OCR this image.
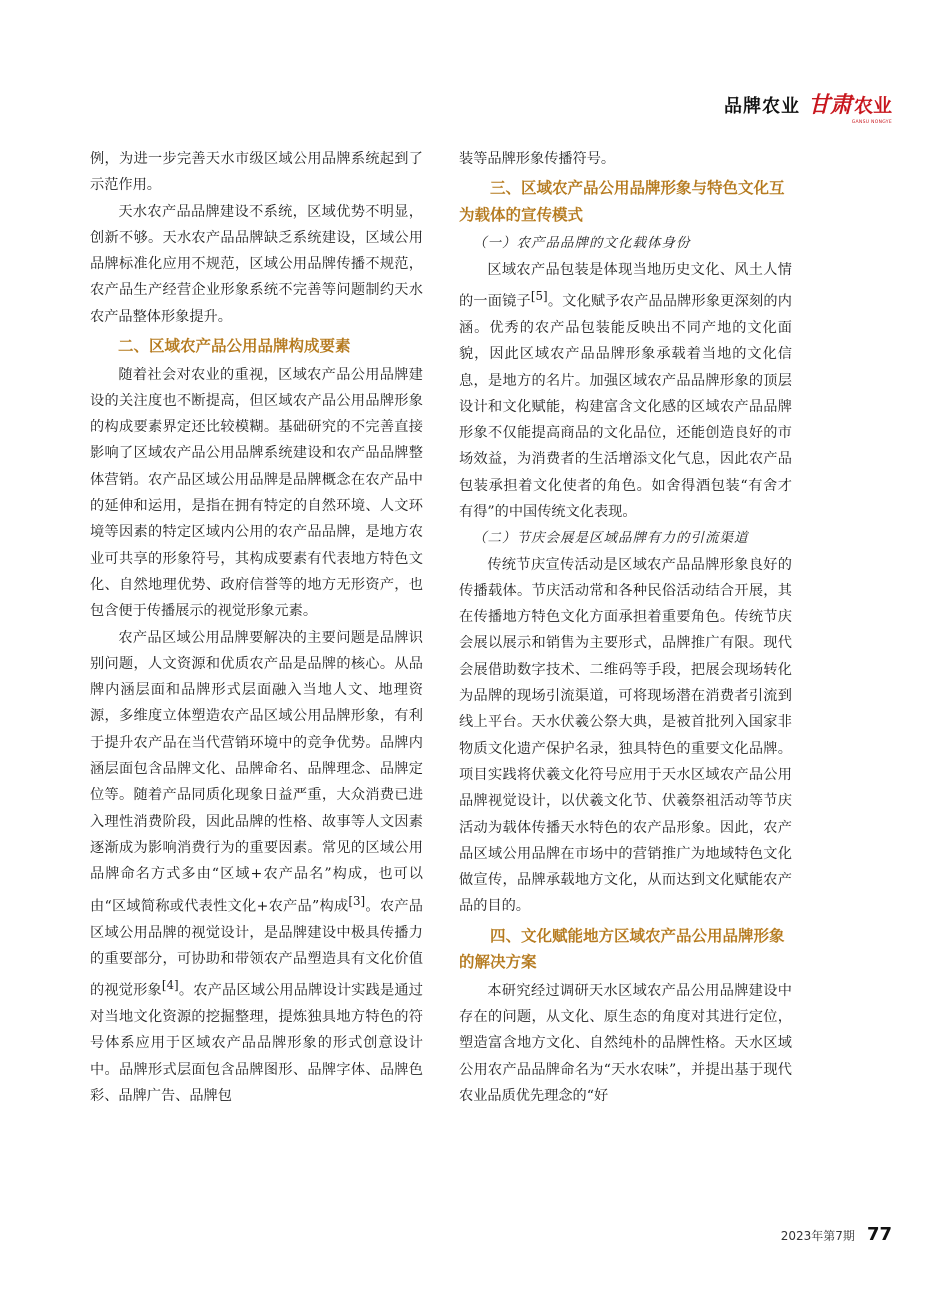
品牌农业 甘肃 农业
GANSU NONGYE

例，为进一步完善天水市级区域公用品牌系统起到了示范作用。

天水农产品品牌建设不系统，区域优势不明显，创新不够。天水农产品品牌缺乏系统建设，区域公用品牌标准化应用不规范，区域公用品牌传播不规范，农产品生产经营企业形象系统不完善等问题制约天水农产品整体形象提升。

二、区域农产品公用品牌构成要素

随着社会对农业的重视，区域农产品公用品牌建设的关注度也不断提高，但区域农产品公用品牌形象的构成要素界定还比较模糊。基础研究的不完善直接影响了区域农产品公用品牌系统建设和农产品品牌整体营销。农产品区域公用品牌是品牌概念在农产品中的延伸和运用，是指在拥有特定的自然环境、人文环境等因素的特定区域内公用的农产品品牌，是地方农业可共享的形象符号，其构成要素有代表地方特色文化、自然地理优势、政府信誉等的地方无形资产，也包含便于传播展示的视觉形象元素。

农产品区域公用品牌要解决的主要问题是品牌识别问题，人文资源和优质农产品是品牌的核心。从品牌内涵层面和品牌形式层面融入当地人文、地理资源，多维度立体塑造农产品区域公用品牌形象，有利于提升农产品在当代营销环境中的竞争优势。品牌内涵层面包含品牌文化、品牌命名、品牌理念、品牌定位等。随着产品同质化现象日益严重，大众消费已进入理性消费阶段，因此品牌的性格、故事等人文因素逐渐成为影响消费行为的重要因素。常见的区域公用品牌命名方式多由“区域+农产品名”构成，也可以由“区域简称或代表性文化+农产品”构成[3]。农产品区域公用品牌的视觉设计，是品牌建设中极具传播力的重要部分，可协助和带领农产品塑造具有文化价值的视觉形象[4]。农产品区域公用品牌设计实践是通过对当地文化资源的挖掘整理，提炼独具地方特色的符号体系应用于区域农产品品牌形象的形式创意设计中。品牌形式层面包含品牌图形、品牌字体、品牌色彩、品牌广告、品牌包

装等品牌形象传播符号。

三、区域农产品公用品牌形象与特色文化互为载体的宣传模式
（一）农产品品牌的文化载体身份

区域农产品包装是体现当地历史文化、风土人情的一面镜子[5]。文化赋予农产品品牌形象更深刻的内涵。优秀的农产品包装能反映出不同产地的文化面貌，因此区域农产品品牌形象承载着当地的文化信息，是地方的名片。加强区域农产品品牌形象的顶层设计和文化赋能，构建富含文化感的区域农产品品牌形象不仅能提高商品的文化品位，还能创造良好的市场效益，为消费者的生活增添文化气息，因此农产品包装承担着文化使者的角色。如舍得酒包装“有舍才有得”的中国传统文化表现。

（二）节庆会展是区域品牌有力的引流渠道

传统节庆宣传活动是区域农产品品牌形象良好的传播载体。节庆活动常和各种民俗活动结合开展，其在传播地方特色文化方面承担着重要角色。传统节庆会展以展示和销售为主要形式，品牌推广有限。现代会展借助数字技术、二维码等手段，把展会现场转化为品牌的现场引流渠道，可将现场潜在消费者引流到线上平台。天水伏羲公祭大典，是被首批列入国家非物质文化遗产保护名录，独具特色的重要文化品牌。项目实践将伏羲文化符号应用于天水区域农产品公用品牌视觉设计，以伏羲文化节、伏羲祭祖活动等节庆活动为载体传播天水特色的农产品形象。因此，农产品区域公用品牌在市场中的营销推广为地域特色文化做宣传，品牌承载地方文化，从而达到文化赋能农产品的目的。

四、文化赋能地方区域农产品公用品牌形象的解决方案

本研究经过调研天水区域农产品公用品牌建设中存在的问题，从文化、原生态的角度对其进行定位，塑造富含地方文化、自然纯朴的品牌性格。天水区域公用农产品品牌命名为“天水农味”，并提出基于现代农业品质优先理念的“好

2023年第7期 77
